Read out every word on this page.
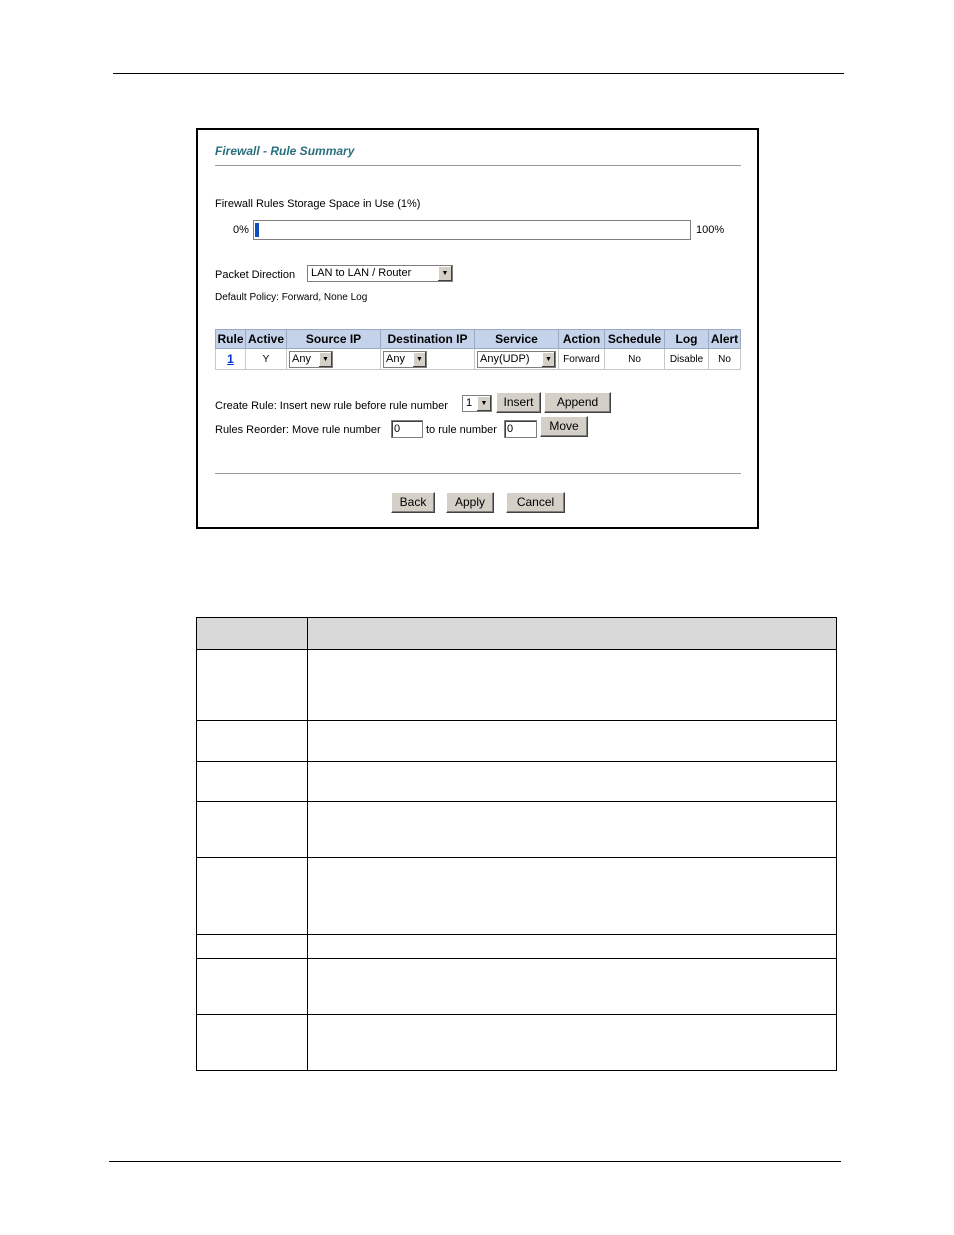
Firewall - Rule Summary
Firewall Rules Storage Space in Use (1%)
0%	100%
Packet Direction	LAN to LAN / Router	▼
Default Policy: Forward, None Log
Rule	Active	Source IP	Destination IP	Service	Action	Schedule	Log	Alert
1	Y	Any ▼	Any ▼	Any(UDP) ▼	Forward	No	Disable	No
Create Rule: Insert new rule before rule number	1	▼	Insert	Append
Rules Reorder: Move rule number 0	to rule number 0	Move
Back	Apply	Cancel
